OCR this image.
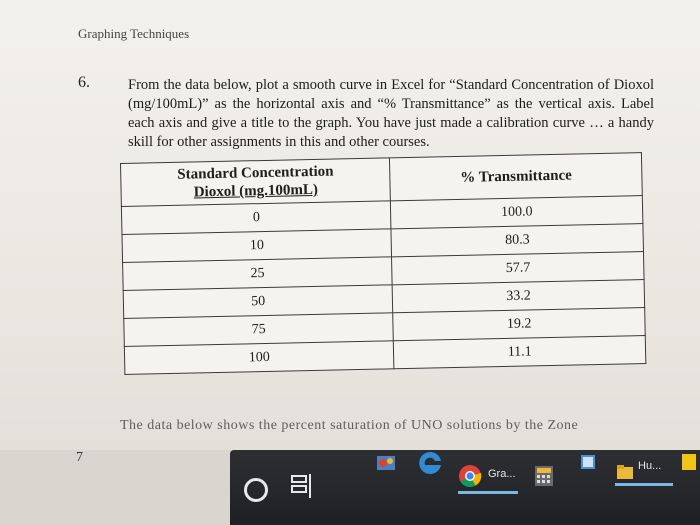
Graphing Techniques
6.	From the data below, plot a smooth curve in Excel for “Standard Concentration of Dioxol (mg/100mL)” as the horizontal axis and “% Transmittance” as the vertical axis. Label each axis and give a title to the graph. You have just made a calibration curve … a handy skill for other assignments in this and other courses.
Standard Concentration
Dioxol (mg.100mL)	% Transmittance
0	100.0
10	80.3
25	57.7
50	33.2
75	19.2
100	11.1
The data below shows the percent saturation of UNO solutions by the Zone
7
Gra...
Hu...
